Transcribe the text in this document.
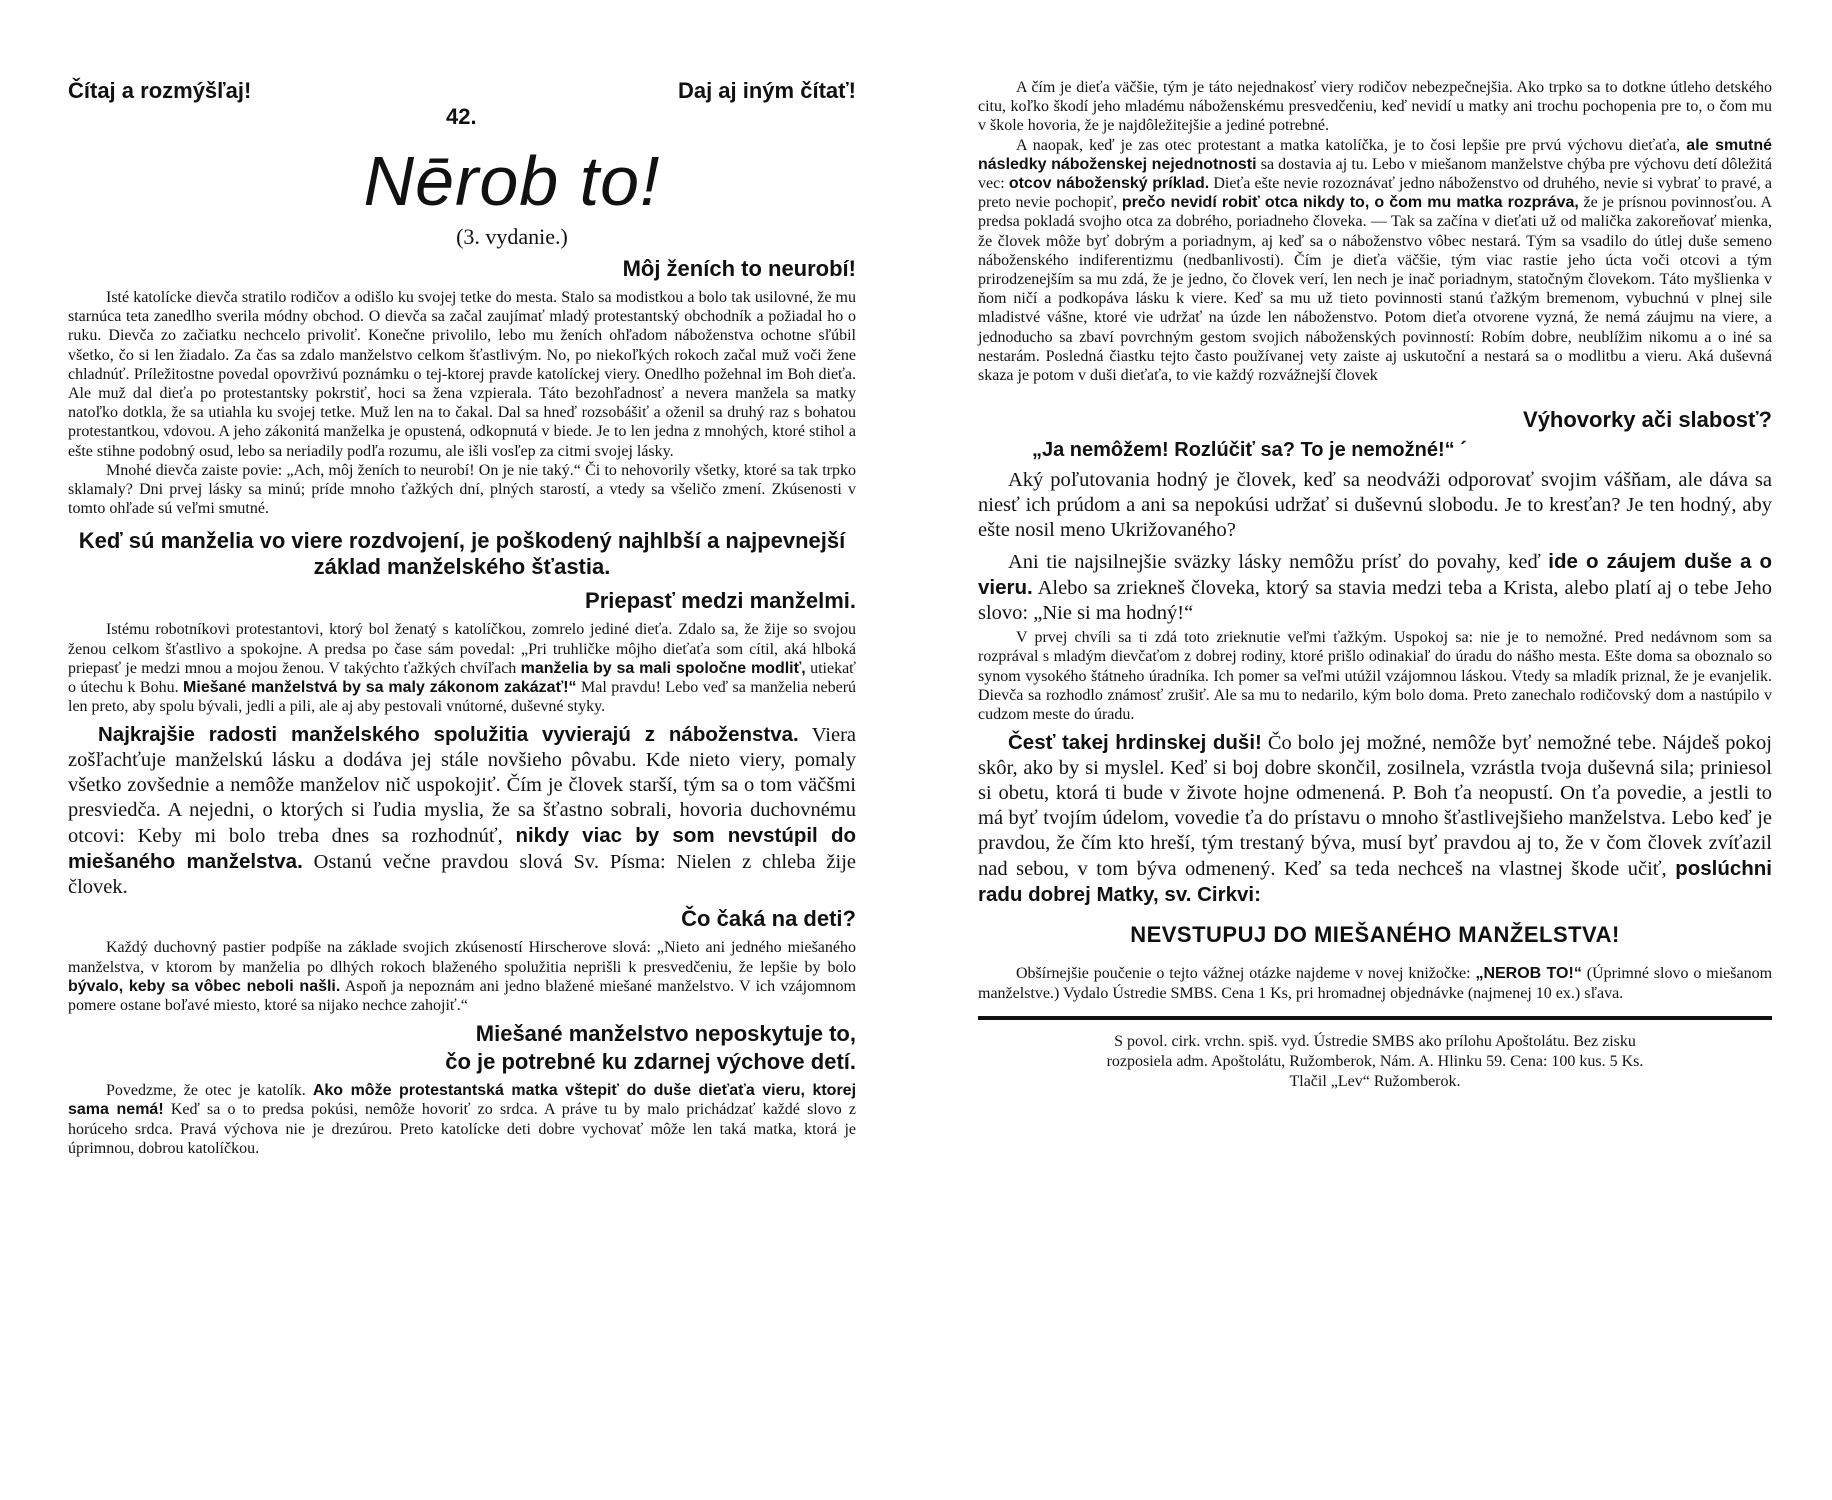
Čítaj a rozmýšľaj!
42.
Daj aj iným čítať!
Nērob to!
(3. vydanie.)
Môj ženích to neurobí!

Isté katolícke dievča stratilo rodičov a odišlo ku svojej tetke do mesta. Stalo sa modistkou a bolo tak usilovné, že mu starnúca teta zanedlho sverila módny obchod. O dievča sa začal zaujímať mladý protestantský obchodník a požiadal ho o ruku. Dievča zo začiatku nechcelo privoliť. Konečne privolilo, lebo mu ženích ohľadom náboženstva ochotne sľúbil všetko, čo si len žiadalo. Za čas sa zdalo manželstvo celkom šťastlivým. No, po niekoľkých rokoch začal muž voči žene chladnúť. Príležitostne povedal opovrživú poznámku o tej-ktorej pravde katolíckej viery. Onedlho požehnal im Boh dieťa. Ale muž dal dieťa po protestantsky pokrstiť, hoci sa žena vzpierala. Táto bezohľadnosť a nevera manžela sa matky natoľko dotkla, že sa utiahla ku svojej tetke. Muž len na to čakal. Dal sa hneď rozsobášiť a oženil sa druhý raz s bohatou protestantkou, vdovou. A jeho zákonitá manželka je opustená, odkopnutá v biede. Je to len jedna z mnohých, ktoré stihol a ešte stihne podobný osud, lebo sa neriadily podľa rozumu, ale išli vosľep za citmi svojej lásky.

Mnohé dievča zaiste povie: „Ach, môj ženích to neurobí! On je nie taký.“ Či to nehovorily všetky, ktoré sa tak trpko sklamaly? Dni prvej lásky sa minú; príde mnoho ťažkých dní, plných starostí, a vtedy sa všeličo zmení. Zkúsenosti v tomto ohľade sú veľmi smutné.

Keď sú manželia vo viere rozdvojení, je poškodený najhlbší a najpevnejší základ manželského šťastia.
Priepasť medzi manželmi.

Istému robotníkovi protestantovi, ktorý bol ženatý s katolíčkou, zomrelo jediné dieťa. Zdalo sa, že žije so svojou ženou celkom šťastlivo a spokojne. A predsa po čase sám povedal: „Pri truhličke môjho dieťaťa som cítil, aká hlboká priepasť je medzi mnou a mojou ženou. V takýchto ťažkých chvíľach manželia by sa mali spoločne modliť, utiekať o útechu k Bohu. Miešané manželstvá by sa maly zákonom zakázať!“ Mal pravdu! Lebo veď sa manželia neberú len preto, aby spolu bývali, jedli a pili, ale aj aby pestovali vnútorné, duševné styky.

Najkrajšie radosti manželského spolužitia vyvierajú z náboženstva. Viera zošľachťuje manželskú lásku a dodáva jej stále novšieho pôvabu. Kde nieto viery, pomaly všetko zovšednie a nemôže manželov nič uspokojiť. Čím je človek starší, tým sa o tom väčšmi presviedča. A nejedni, o ktorých si ľudia myslia, že sa šťastno sobrali, hovoria duchovnému otcovi: Keby mi bolo treba dnes sa rozhodnúť, nikdy viac by som nevstúpil do miešaného manželstva. Ostanú večne pravdou slová Sv. Písma: Nielen z chleba žije človek.

Čo čaká na deti?

Každý duchovný pastier podpíše na základe svojich zkúseností Hirscherove slová: „Nieto ani jedného miešaného manželstva, v ktorom by manželia po dlhých rokoch blaženého spolužitia neprišli k presvedčeniu, že lepšie by bolo bývalo, keby sa vôbec neboli našli. Aspoň ja nepoznám ani jedno blažené miešané manželstvo. V ich vzájomnom pomere ostane boľavé miesto, ktoré sa nijako nechce zahojiť.“

Miešané manželstvo neposkytuje to,
čo je potrebné ku zdarnej výchove detí.

Povedzme, že otec je katolík. Ako môže protestantská matka vštepiť do duše dieťaťa vieru, ktorej sama nemá! Keď sa o to predsa pokúsi, nemôže hovoriť zo srdca. A práve tu by malo prichádzať každé slovo z horúceho srdca. Pravá výchova nie je drezúrou. Preto katolícke deti dobre vychovať môže len taká matka, ktorá je úprimnou, dobrou katolíčkou.

A čím je dieťa väčšie, tým je táto nejednakosť viery rodičov nebezpečnejšia. Ako trpko sa to dotkne útleho detského citu, koľko škodí jeho mladému náboženskému presvedčeniu, keď nevidí u matky ani trochu pochopenia pre to, o čom mu v škole hovoria, že je najdôležitejšie a jediné potrebné.

A naopak, keď je zas otec protestant a matka katolíčka, je to čosi lepšie pre prvú výchovu dieťaťa, ale smutné následky náboženskej nejednotnosti sa dostavia aj tu. Lebo v miešanom manželstve chýba pre výchovu detí dôležitá vec: otcov náboženský príklad. Dieťa ešte nevie rozoznávať jedno náboženstvo od druhého, nevie si vybrať to pravé, a preto nevie pochopiť, prečo nevidí robiť otca nikdy to, o čom mu matka rozpráva, že je prísnou povinnosťou. A predsa pokladá svojho otca za dobrého, poriadneho človeka. — Tak sa začína v dieťati už od malička zakoreňovať mienka, že človek môže byť dobrým a poriadnym, aj keď sa o náboženstvo vôbec nestará. Tým sa vsadilo do útlej duše semeno náboženského indiferentizmu (nedbanlivosti). Čím je dieťa väčšie, tým viac rastie jeho úcta voči otcovi a tým prirodzenejším sa mu zdá, že je jedno, čo človek verí, len nech je inač poriadnym, statočným človekom. Táto myšlienka v ňom ničí a podkopáva lásku k viere. Keď sa mu už tieto povinnosti stanú ťažkým bremenom, vybuchnú v plnej sile mladistvé vášne, ktoré vie udržať na úzde len náboženstvo. Potom dieťa otvorene vyzná, že nemá záujmu na viere, a jednoducho sa zbaví povrchným gestom svojich náboženských povinností: Robím dobre, neublížim nikomu a o iné sa nestarám. Posledná čiastku tejto často používanej vety zaiste aj uskutoční a nestará sa o modlitbu a vieru. Aká duševná skaza je potom v duši dieťaťa, to vie každý rozvážnejší človek

Výhovorky ači slabosť?
„Ja nemôžem! Rozlúčiť sa? To je nemožné!“ ´

Aký poľutovania hodný je človek, keď sa neodváži odporovať svojim vášňam, ale dáva sa niesť ich prúdom a ani sa nepokúsi udržať si duševnú slobodu. Je to kresťan? Je ten hodný, aby ešte nosil meno Ukrižovaného?

Ani tie najsilnejšie sväzky lásky nemôžu prísť do povahy, keď ide o záujem duše a o vieru. Alebo sa zriekneš človeka, ktorý sa stavia medzi teba a Krista, alebo platí aj o tebe Jeho slovo: „Nie si ma hodný!“

V prvej chvíli sa ti zdá toto zrieknutie veľmi ťažkým. Uspokoj sa: nie je to nemožné. Pred nedávnom som sa rozprával s mladým dievčaťom z dobrej rodiny, ktoré prišlo odinakiaľ do úradu do nášho mesta. Ešte doma sa oboznalo so synom vysokého štátneho úradníka. Ich pomer sa veľmi utúžil vzájomnou láskou. Vtedy sa mladík priznal, že je evanjelik. Dievča sa rozhodlo známosť zrušiť. Ale sa mu to nedarilo, kým bolo doma. Preto zanechalo rodičovský dom a nastúpilo v cudzom meste do úradu.

Česť takej hrdinskej duši! Čo bolo jej možné, nemôže byť nemožné tebe. Nájdeš pokoj skôr, ako by si myslel. Keď si boj dobre skončil, zosilnela, vzrástla tvoja duševná sila; priniesol si obetu, ktorá ti bude v živote hojne odmenená. P. Boh ťa neopustí. On ťa povedie, a jestli to má byť tvojím údelom, vovedie ťa do prístavu o mnoho šťastlivejšieho manželstva. Lebo keď je pravdou, že čím kto hreší, tým trestaný býva, musí byť pravdou aj to, že v čom človek zvíťazil nad sebou, v tom býva odmenený. Keď sa teda nechceš na vlastnej škode učiť, poslúchni radu dobrej Matky, sv. Cirkvi:

NEVSTUPUJ DO MIEŠANÉHO MANŽELSTVA!

Obšírnejšie poučenie o tejto vážnej otázke najdeme v novej knižočke: „NEROB TO!“ (Úprimné slovo o miešanom manželstve.) Vydalo Ústredie SMBS. Cena 1 Ks, pri hromadnej objednávke (najmenej 10 ex.) sľava.

S povol. cirk. vrchn. spiš. vyd. Ústredie SMBS ako prílohu Apoštolátu. Bez zisku

rozposiela adm. Apoštolátu, Ružomberok, Nám. A. Hlinku 59. Cena: 100 kus. 5 Ks.

Tlačil „Lev“ Ružomberok.
